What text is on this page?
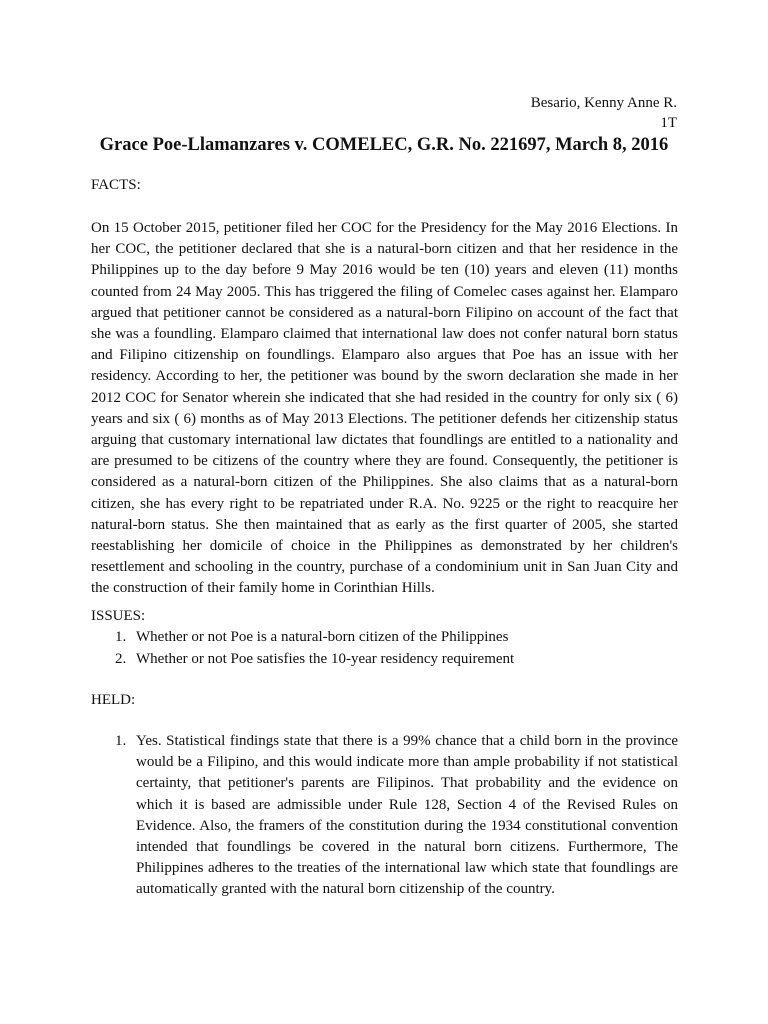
Besario, Kenny Anne R.
1T
Grace Poe-Llamanzares v. COMELEC, G.R. No. 221697, March 8, 2016
FACTS:

On 15 October 2015, petitioner filed her COC for the Presidency for the May 2016 Elections. In her COC, the petitioner declared that she is a natural-born citizen and that her residence in the Philippines up to the day before 9 May 2016 would be ten (10) years and eleven (11) months counted from 24 May 2005. This has triggered the filing of Comelec cases against her. Elamparo argued that petitioner cannot be considered as a natural-born Filipino on account of the fact that she was a foundling. Elamparo claimed that international law does not confer natural born status and Filipino citizenship on foundlings. Elamparo also argues that Poe has an issue with her residency. According to her, the petitioner was bound by the sworn declaration she made in her 2012 COC for Senator wherein she indicated that she had resided in the country for only six ( 6) years and six ( 6) months as of May 2013 Elections. The petitioner defends her citizenship status arguing that customary international law dictates that foundlings are entitled to a nationality and are presumed to be citizens of the country where they are found. Consequently, the petitioner is considered as a natural-born citizen of the Philippines. She also claims that as a natural-born citizen, she has every right to be repatriated under R.A. No. 9225 or the right to reacquire her natural-born status. She then maintained that as early as the first quarter of 2005, she started reestablishing her domicile of choice in the Philippines as demonstrated by her children's resettlement and schooling in the country, purchase of a condominium unit in San Juan City and the construction of their family home in Corinthian Hills.

ISSUES:
1. Whether or not Poe is a natural-born citizen of the Philippines
2. Whether or not Poe satisfies the 10-year residency requirement
HELD:
1. Yes. Statistical findings state that there is a 99% chance that a child born in the province would be a Filipino, and this would indicate more than ample probability if not statistical certainty, that petitioner's parents are Filipinos. That probability and the evidence on which it is based are admissible under Rule 128, Section 4 of the Revised Rules on Evidence. Also, the framers of the constitution during the 1934 constitutional convention intended that foundlings be covered in the natural born citizens. Furthermore, The Philippines adheres to the treaties of the international law which state that foundlings are automatically granted with the natural born citizenship of the country.
